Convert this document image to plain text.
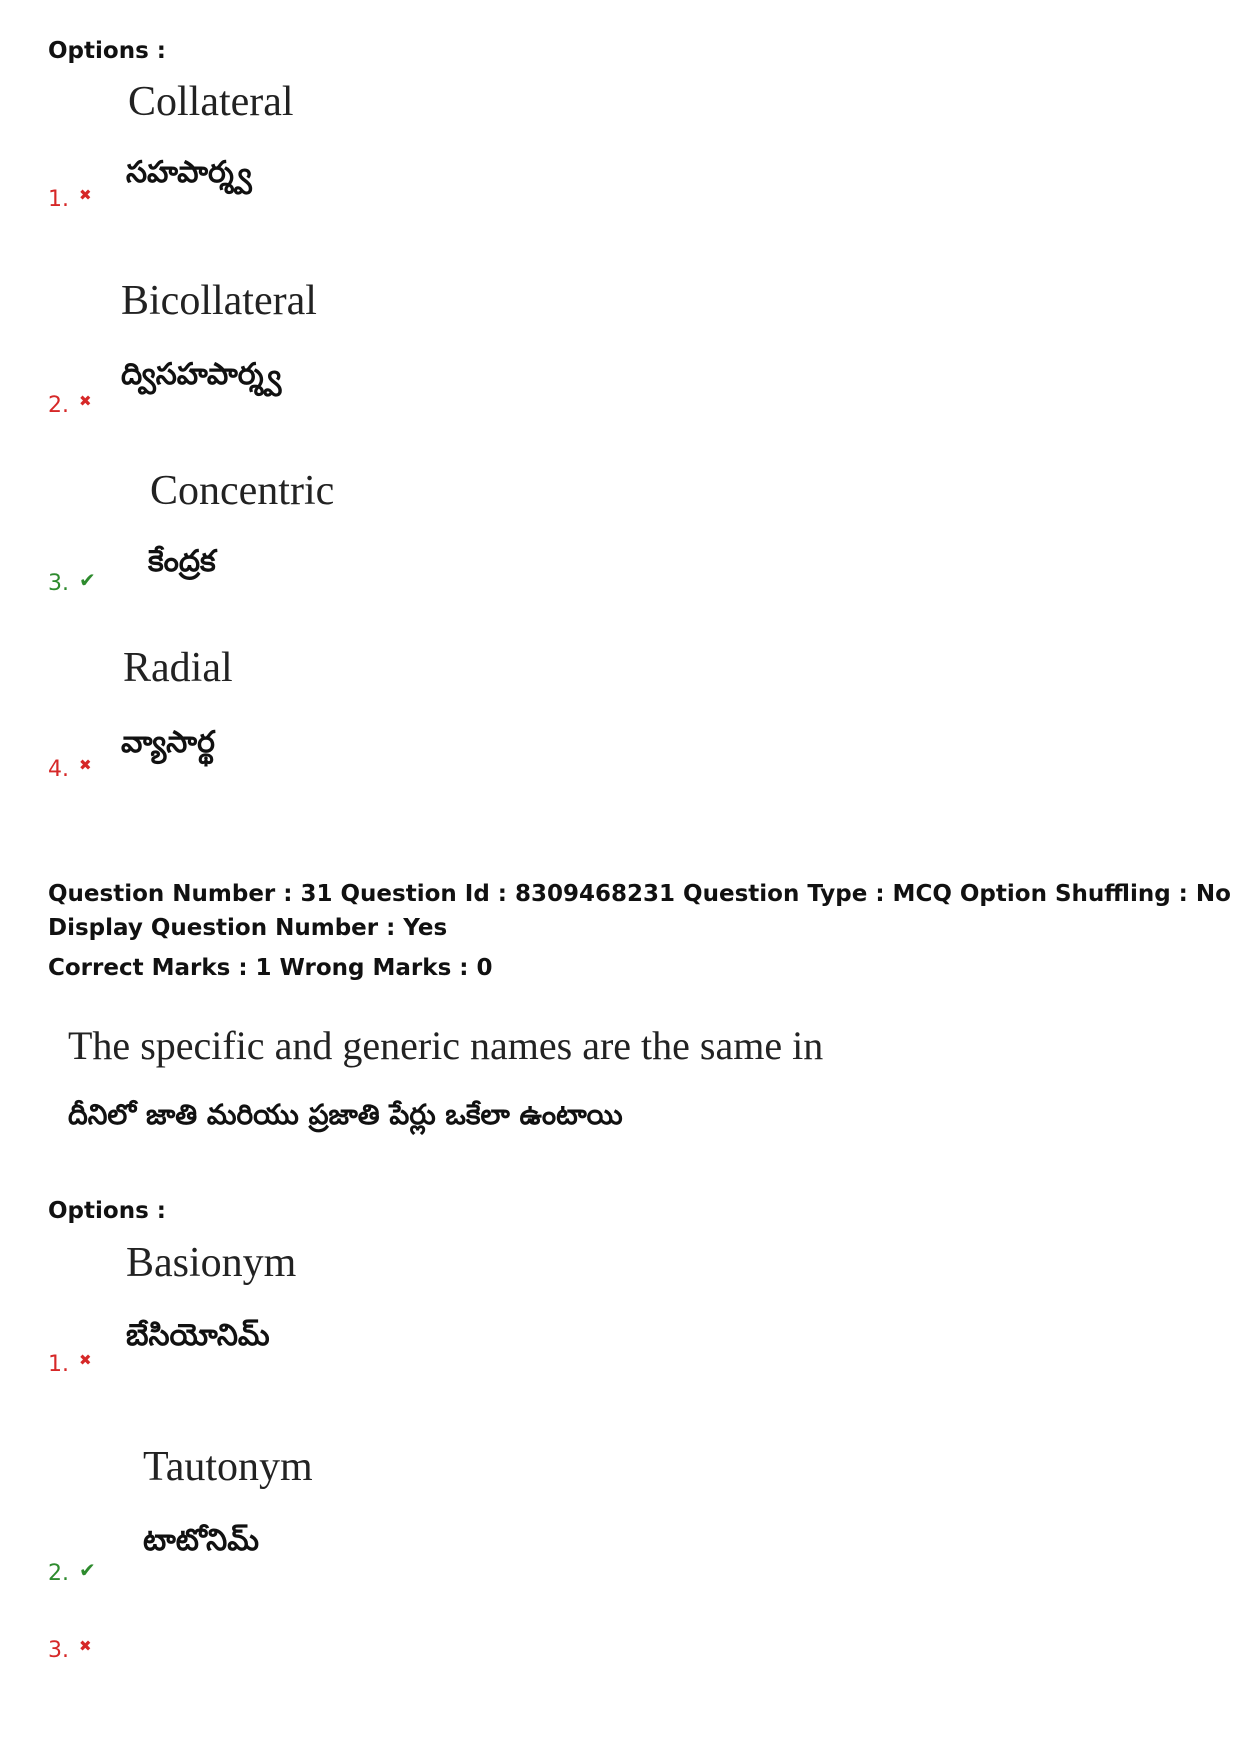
Options :
Collateral
సహపార్శ్వ
1. ✖
Bicollateral
ద్విసహపార్శ్వ
2. ✖
Concentric
కేంద్రక
3. ✔
Radial
వ్యాసార్థ
4. ✖
Question Number : 31 Question Id : 8309468231 Question Type : MCQ Option Shuffling : No
Display Question Number : Yes
Correct Marks : 1 Wrong Marks : 0
The specific and generic names are the same in
దీనిలో జాతి మరియు ప్రజాతి పేర్లు ఒకేలా ఉంటాయి
Options :
Basionym
బేసియోనిమ్
1. ✖
Tautonym
టాటోనిమ్
2. ✔
3. ✖
